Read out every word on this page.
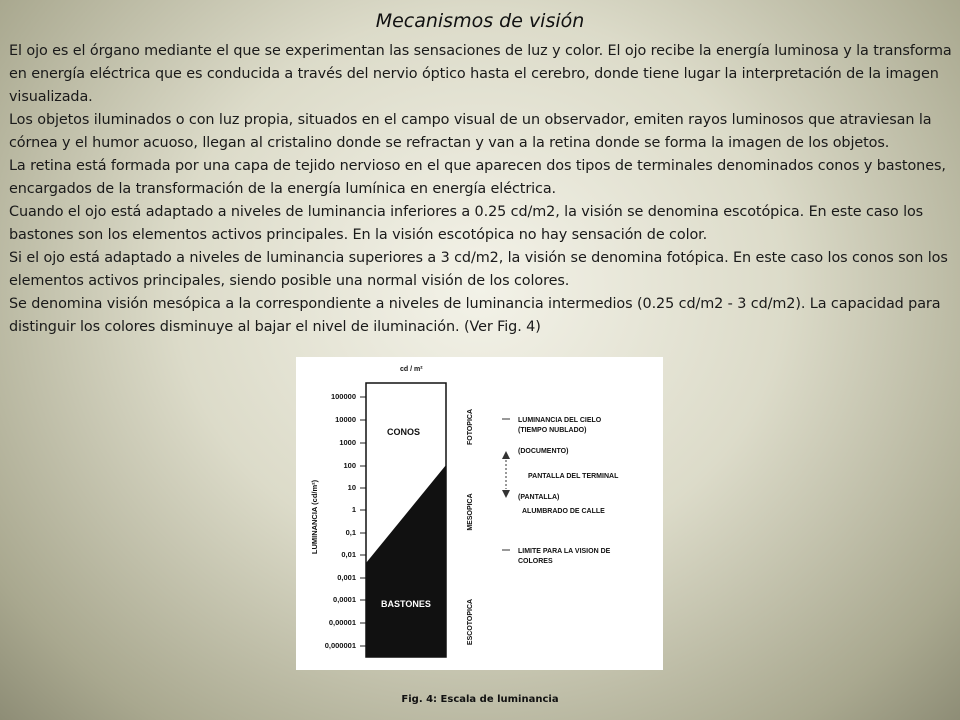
Mecanismos de visión

El ojo es el órgano mediante el que se experimentan las sensaciones de luz y color. El ojo recibe la energía luminosa y la transforma en energía eléctrica que es conducida a través del nervio óptico hasta el cerebro, donde tiene lugar la interpretación de la imagen visualizada.

Los objetos iluminados o con luz propia, situados en el campo visual de un observador, emiten rayos luminosos que atraviesan la córnea y el humor acuoso, llegan al cristalino donde se refractan y van a la retina donde se forma la imagen de los objetos.

La retina está formada por una capa de tejido nervioso en el que aparecen dos tipos de terminales denominados conos y bastones, encargados de la transformación de la energía lumínica en energía eléctrica.

Cuando el ojo está adaptado a niveles de luminancia inferiores a 0.25 cd/m2, la visión se denomina escotópica. En este caso los bastones son los elementos activos principales. En la visión escotópica no hay sensación de color.

Si el ojo está adaptado a niveles de luminancia superiores a 3 cd/m2, la visión se denomina fotópica. En este caso los conos son los elementos activos principales, siendo posible una normal visión de los colores.

Se denomina visión mesópica a la correspondiente a niveles de luminancia intermedios (0.25 cd/m2 - 3 cd/m2). La capacidad para distinguir los colores disminuye al bajar el nivel de iluminación. (Ver Fig. 4)

cd / m²
LUMINANCIA (cd/m²)
100000
10000
1000
100
10
1
0,1
0,01
0,001
0,0001
0,00001
0,000001
CONOS
BASTONES
FOTOPICA
MESOPICA
ESCOTOPICA
LUMINANCIA DEL CIELO
(TIEMPO NUBLADO)
(DOCUMENTO)
PANTALLA DEL TERMINAL
(PANTALLA)
ALUMBRADO DE CALLE
LIMITE PARA LA VISION DE
COLORES
Fig. 4: Escala de luminancia
